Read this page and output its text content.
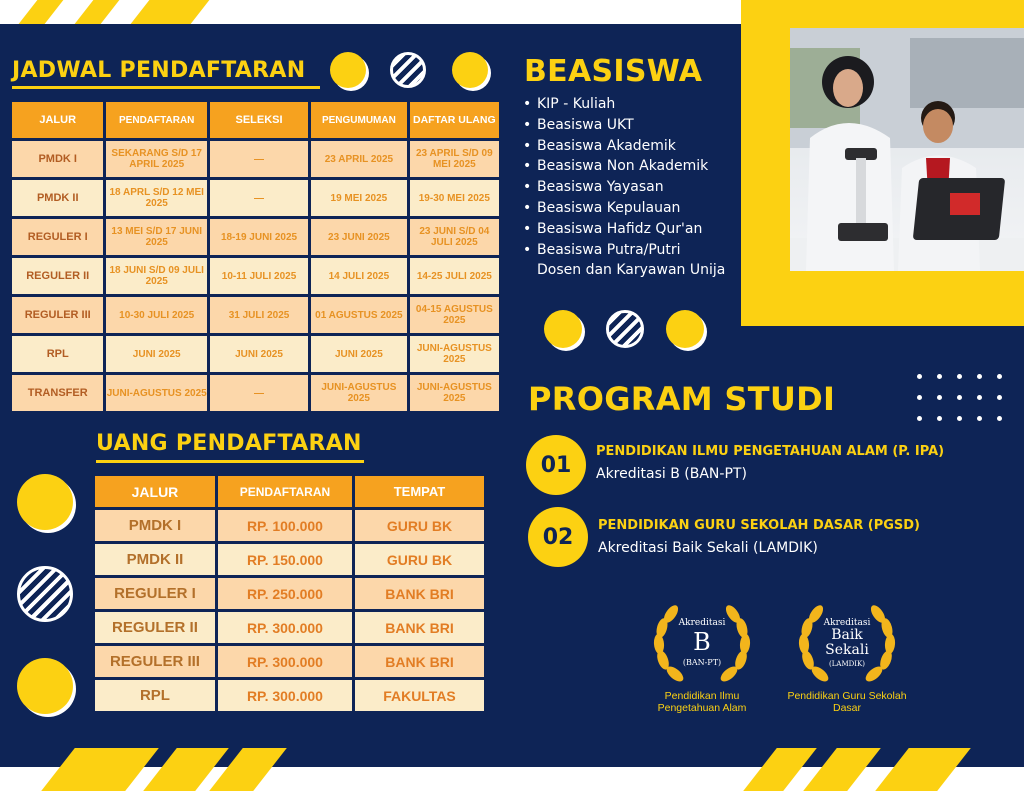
JADWAL PENDAFTARAN
JALUR	PENDAFTARAN	SELEKSI	PENGUMUMAN	DAFTAR ULANG
PMDK I	SEKARANG S/D 17 APRIL 2025	—	23 APRIL 2025	23 APRIL S/D 09 MEI 2025
PMDK II	18 APRL S/D 12 MEI 2025	—	19 MEI 2025	19-30 MEI 2025
REGULER I	13 MEI S/D 17 JUNI 2025	18-19 JUNI 2025	23 JUNI 2025	23 JUNI S/D 04 JULI 2025
REGULER II	18 JUNI S/D 09 JULI 2025	10-11 JULI 2025	14 JULI 2025	14-25 JULI 2025
REGULER III	10-30 JULI 2025	31 JULI 2025	01 AGUSTUS 2025	04-15 AGUSTUS 2025
RPL	JUNI 2025	JUNI 2025	JUNI 2025	JUNI-AGUSTUS 2025
TRANSFER	JUNI-AGUSTUS 2025	—	JUNI-AGUSTUS 2025	JUNI-AGUSTUS 2025
UANG PENDAFTARAN
JALUR	PENDAFTARAN	TEMPAT
PMDK I	RP. 100.000	GURU BK
PMDK II	RP. 150.000	GURU BK
REGULER I	RP. 250.000	BANK BRI
REGULER II	RP. 300.000	BANK BRI
REGULER III	RP. 300.000	BANK BRI
RPL	RP. 300.000	FAKULTAS
BEASISWA
• KIP - Kuliah
• Beasiswa UKT
• Beasiswa Akademik
• Beasiswa Non Akademik
• Beasiswa Yayasan
• Beasiswa Kepulauan
• Beasiswa Hafidz Qur'an
• Beasiswa Putra/Putri
Dosen dan Karyawan Unija
PROGRAM STUDI
01
PENDIDIKAN ILMU PENGETAHUAN ALAM (P. IPA)
Akreditasi B (BAN-PT)
02	PENDIDIKAN GURU SEKOLAH DASAR (PGSD)
Akreditasi Baik Sekali (LAMDIK)
Akreditasi
B
(BAN-PT)
Pendidikan Ilmu Pengetahuan Alam
Akreditasi
Baik Sekali
(LAMDIK)
Pendidikan Guru Sekolah Dasar
